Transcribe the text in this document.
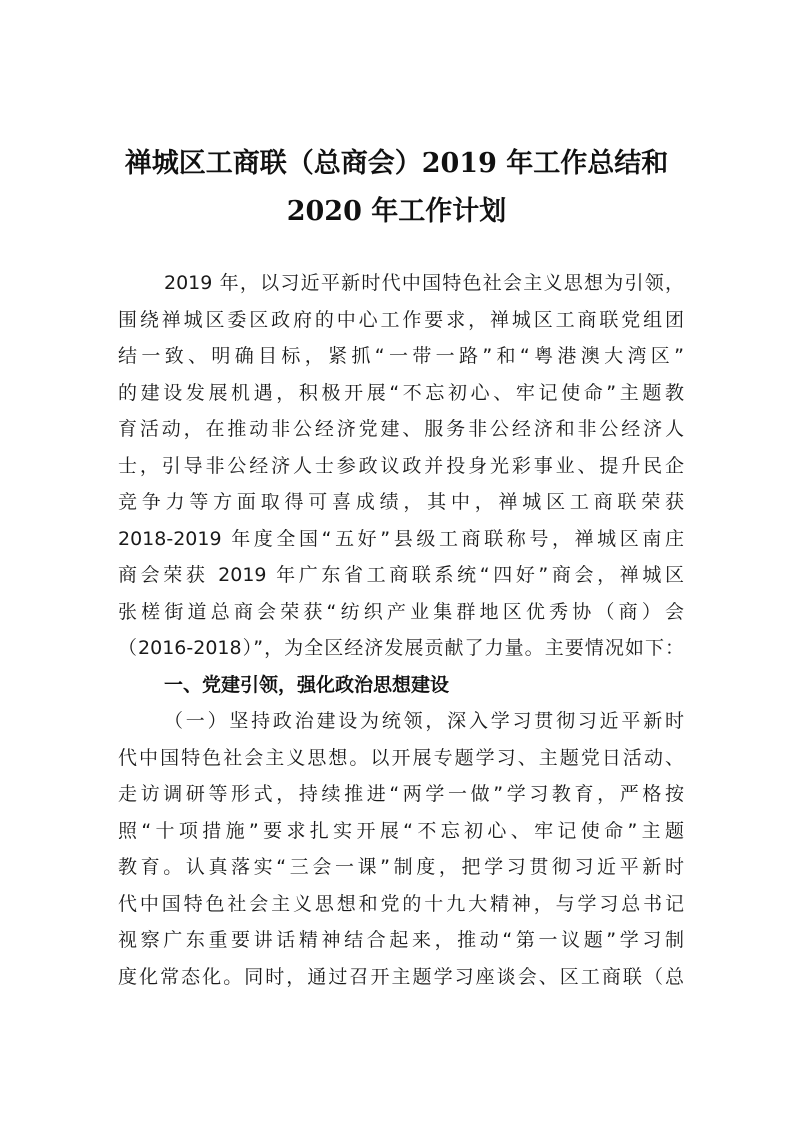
禅城区工商联（总商会）2019 年工作总结和
2020 年工作计划
2019 年，以习近平新时代中国特色社会主义思想为引领，
围绕禅城区委区政府的中心工作要求，禅城区工商联党组团
结一致、明确目标，紧抓“一带一路”和“粤港澳大湾区”
的建设发展机遇，积极开展“不忘初心、牢记使命”主题教
育活动，在推动非公经济党建、服务非公经济和非公经济人
士，引导非公经济人士参政议政并投身光彩事业、提升民企
竞争力等方面取得可喜成绩，其中，禅城区工商联荣获
2018-2019 年度全国“五好”县级工商联称号，禅城区南庄
商会荣获 2019 年广东省工商联系统“四好”商会，禅城区
张槎街道总商会荣获“纺织产业集群地区优秀协（商）会
（2016-2018）”，为全区经济发展贡献了力量。主要情况如下：
一、党建引领，强化政治思想建设
（一）坚持政治建设为统领，深入学习贯彻习近平新时
代中国特色社会主义思想。以开展专题学习、主题党日活动、
走访调研等形式，持续推进“两学一做”学习教育，严格按
照“十项措施”要求扎实开展“不忘初心、牢记使命”主题
教育。认真落实“三会一课”制度，把学习贯彻习近平新时
代中国特色社会主义思想和党的十九大精神，与学习总书记
视察广东重要讲话精神结合起来，推动“第一议题”学习制
度化常态化。同时，通过召开主题学习座谈会、区工商联（总
